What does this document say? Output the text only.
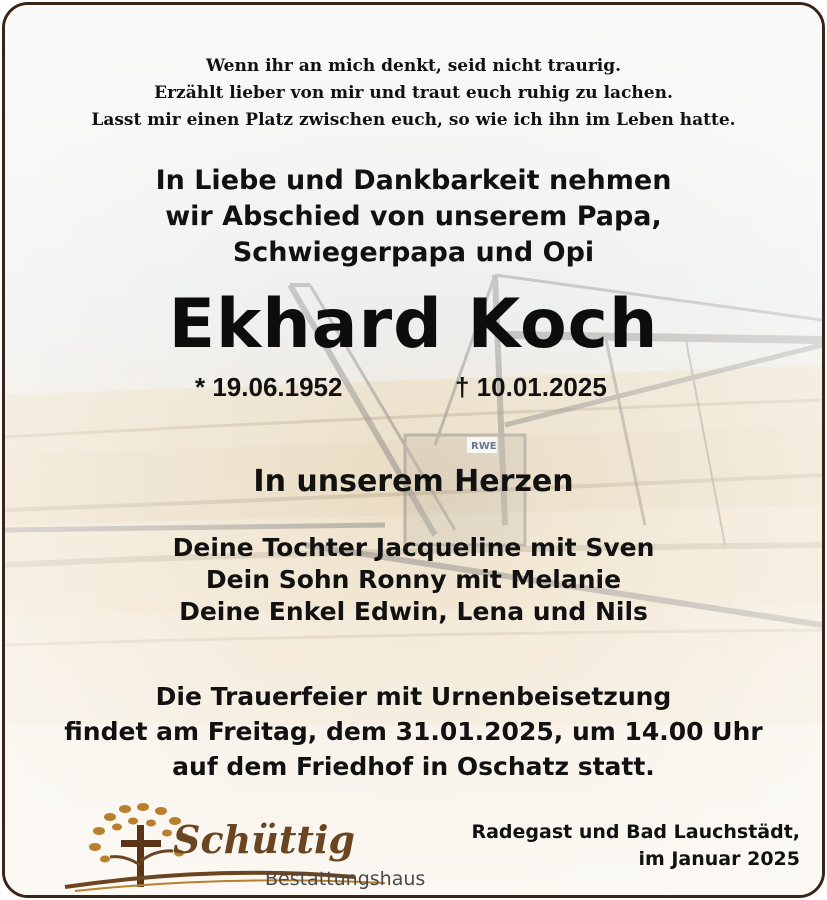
Wenn ihr an mich denkt, seid nicht traurig.
Erzählt lieber von mir und traut euch ruhig zu lachen.
Lasst mir einen Platz zwischen euch, so wie ich ihn im Leben hatte.
In Liebe und Dankbarkeit nehmen
wir Abschied von unserem Papa,
Schwiegerpapa und Opi
Ekhard Koch
* 19.06.1952	† 10.01.2025
In unserem Herzen
Deine Tochter Jacqueline mit Sven
Dein Sohn Ronny mit Melanie
Deine Enkel Edwin, Lena und Nils
Die Trauerfeier mit Urnenbeisetzung
findet am Freitag, dem 31.01.2025, um 14.00 Uhr
auf dem Friedhof in Oschatz statt.
Schüttig
Bestattungshaus
Radegast und Bad Lauchstädt,
im Januar 2025
